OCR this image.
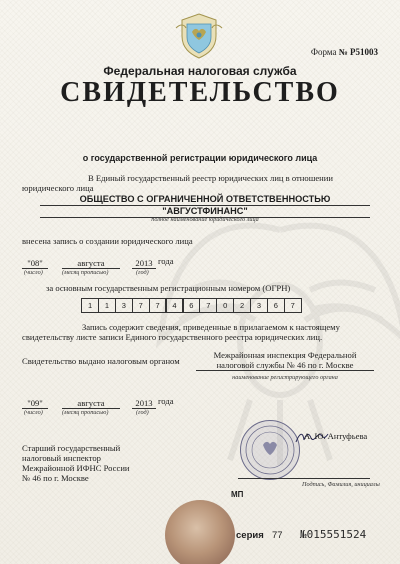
Форма № Р51003
Федеральная налоговая служба
СВИДЕТЕЛЬСТВО
о государственной регистрации юридического лица
В Единый государственный реестр юридических лиц в отношении
юридического лица
ОБЩЕСТВО С ОГРАНИЧЕННОЙ ОТВЕТСТВЕННОСТЬЮ
"АВГУСТФИНАНС"
полное наименование юридического лица
внесена запись о создании юридического лица
"08"	августа	2013 года
(число)	(месяц прописью)	(год)
за основным государственным регистрационным номером (ОГРН)
1	1	3	7	7	4	6	7	0	2	3	6	7
Запись содержит сведения, приведенные в прилагаемом к настоящему
свидетельству листе записи Единого государственного реестра юридических лиц.
Свидетельство выдано налоговым органом
Межрайонная инспекция Федеральной
налоговой службы № 46 по г. Москве
наименование регистрирующего органа
"09"	августа	2013 года
(число)	(месяц прописью)	(год)
Старший государственный
налоговый инспектор
Межрайонной ИФНС России
№ 46 по г. Москве
А. Ю. Антуфьева
Подпись, Фамилия, инициалы
МП
серия 77 №015551524
